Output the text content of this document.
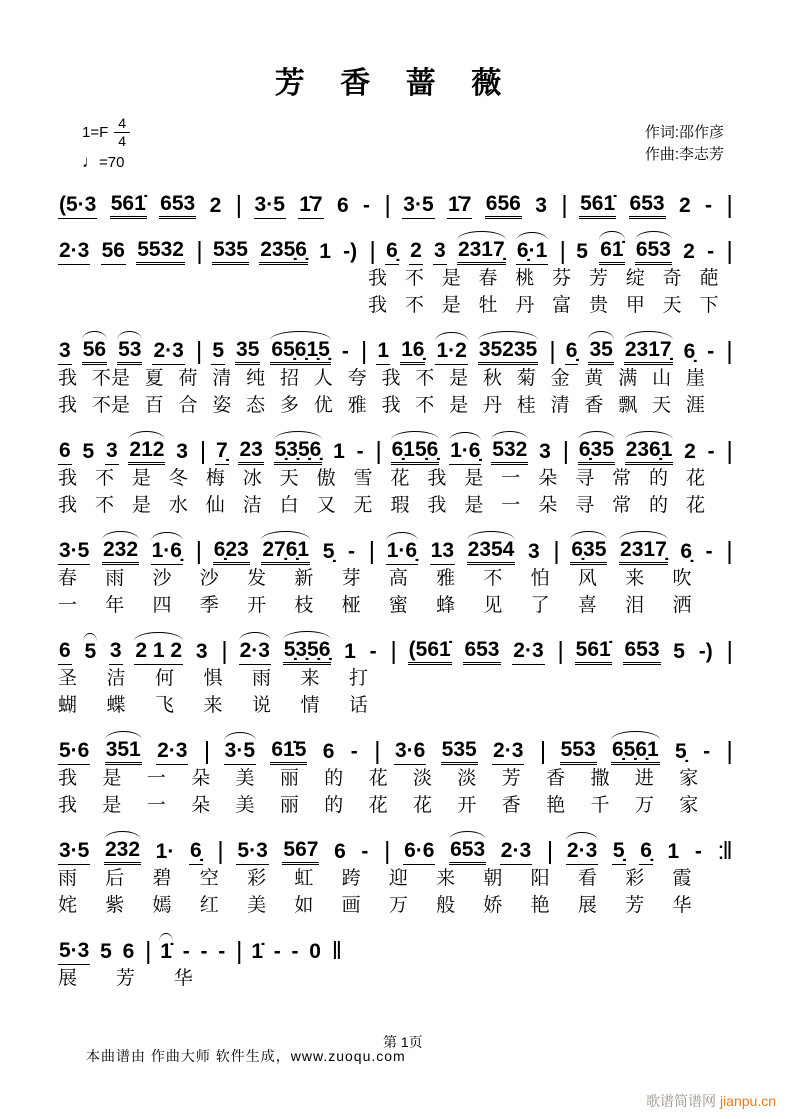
芳 香 蔷 薇
$1=F \frac{4}{4}$
♩=70
作词:邵作彦
作曲:李志芳
(5·3 561̇ 653 2 | 3·5 1̇7 6 - | 3·5 1̇7 656 3 | 561̇ 653 2 - |
2·3 56 5532 | 535 235̣6̣ 1 -) | 6̣ 2 3 2317̣ 6̣·1 | 5 61̇ 653 2 - |
我 不 是 春 桃 芬 芳 绽 奇 葩
我 不 是 牡 丹 富 贵 甲 天 下
3 56 53 2·3 | 5 35 65̣6̣1̣5̣ - | 1 16̣ 1·2 35235 | 6̣ 35 2317̣ 6̣ - |
我 不是 夏 荷 清 纯 招 人 夸 我 不 是 秋 菊 金 黄 满 山 崖
我 不是 百 合 姿 态 多 优 雅 我 不 是 丹 桂 清 香 飘 天 涯
6 5 3 212 3 | 7̣ 23 5̣3̣5̣6̣ 1 - | 6̣15̣6̣ 1·6̣ 532 3 | 6̣35 236̣1 2 - |
我 不 是 冬 梅 冰 天 傲 雪 花 我 是 一 朵 寻 常 的 花
我 不 是 水 仙 洁 白 又 无 瑕 我 是 一 朵 寻 常 的 花
3·5 232 1·6̣ | 6̣23 27̣6̣1 5̣ - | 1·6̣ 13 2354 3 | 6̣35 2317̣ 6̣ - |
春 雨 沙 沙 发 新 芽 高 雅 不 怕 风 来 吹
一 年 四 季 开 枝 桠 蜜 蜂 见 了 喜 泪 洒
6 5 3 2 1 2 3 | 2·3 5̣3̣5̣6̣ 1 - | (561̇ 653 2·3 | 561̇ 653 5 -) |
圣 洁 何 惧 雨 来 打
蝴 蝶 飞 来 说 情 话
5·6 351 2·3 | 3·5 61̇5 6 - | 3·6 535 2·3 | 553 6̣5̣6̣1 5̣ - |
我 是 一 朵 美 丽 的 花 淡 淡 芳 香 撒 进 家
我 是 一 朵 美 丽 的 花 花 开 香 艳 千 万 家
3·5 232 1· 6̣ | 5·3 567 6 - | 6·6 653 2·3 | 2·3 5̣ 6̣ 1 - :‖
雨 后 碧 空 彩 虹 跨 迎 来 朝 阳 看 彩 霞
姹 紫 嫣 红 美 如 画 万 般 娇 艳 展 芳 华
5·3 5 6 | 1̇ - - - | 1̇ - - 0 ‖
展 芳 华
第 1页
本曲谱由 作曲大师 软件生成，www.zuoqu.com
歌谱简谱网 jianpu.cn
